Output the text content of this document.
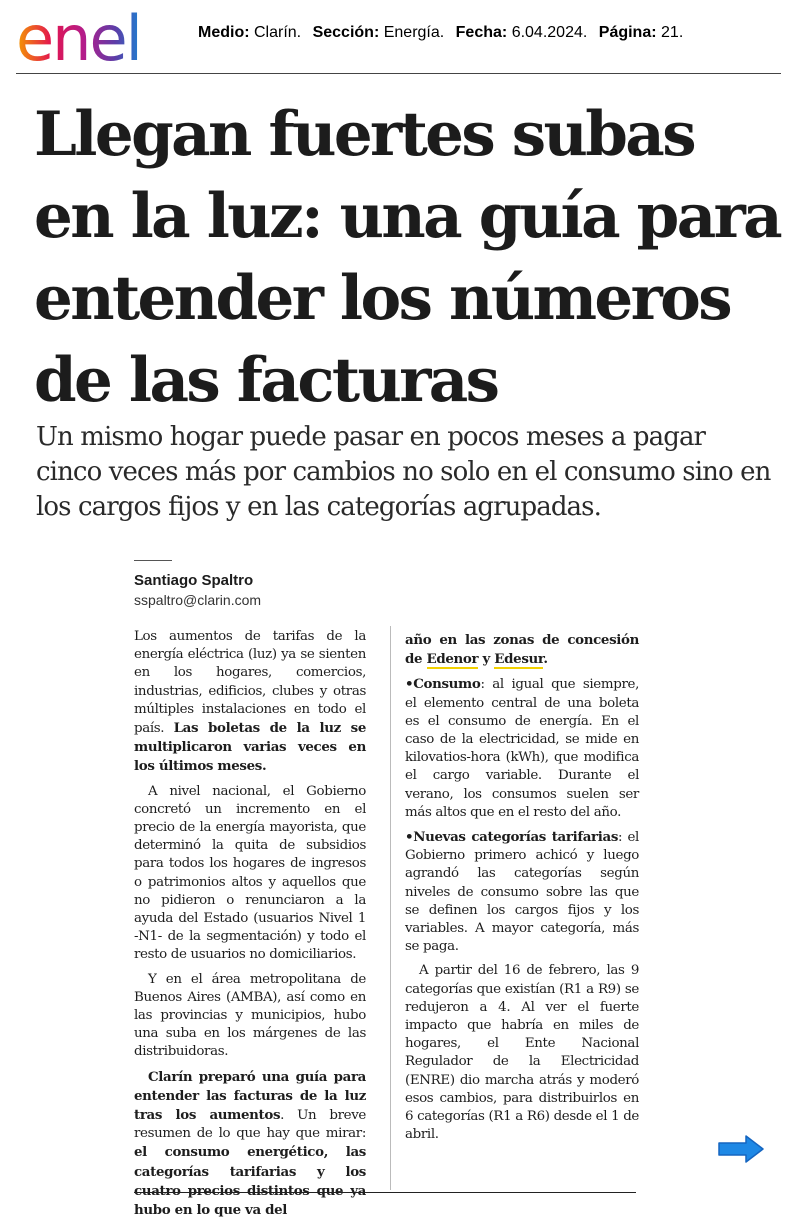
enel	Medio: Clarín. Sección: Energía. Fecha: 6.04.2024. Página: 21.
Llegan fuertes subas en la luz: una guía para entender los números de las facturas

Un mismo hogar puede pasar en pocos meses a pagar cinco veces más por cambios no solo en el consumo sino en los cargos fijos y en las categorías agrupadas.

Santiago Spaltro
sspaltro@clarin.com

Los aumentos de tarifas de la energía eléctrica (luz) ya se sienten en los hogares, comercios, industrias, edificios, clubes y otras múltiples instalaciones en todo el país. Las boletas de la luz se multiplicaron varias veces en los últimos meses.

A nivel nacional, el Gobierno concretó un incremento en el precio de la energía mayorista, que determinó la quita de subsidios para todos los hogares de ingresos o patrimonios altos y aquellos que no pidieron o renunciaron a la ayuda del Estado (usuarios Nivel 1 -N1- de la segmentación) y todo el resto de usuarios no domiciliarios.

Y en el área metropolitana de Buenos Aires (AMBA), así como en las provincias y municipios, hubo una suba en los márgenes de las distribuidoras.

Clarín preparó una guía para entender las facturas de la luz tras los aumentos. Un breve resumen de lo que hay que mirar: el consumo energético, las categorías tarifarias y los cuatro precios distintos que ya hubo en lo que va del

año en las zonas de concesión de Edenor y Edesur.

•Consumo: al igual que siempre, el elemento central de una boleta es el consumo de energía. En el caso de la electricidad, se mide en kilovatios-hora (kWh), que modifica el cargo variable. Durante el verano, los consumos suelen ser más altos que en el resto del año.

•Nuevas categorías tarifarias: el Gobierno primero achicó y luego agrandó las categorías según niveles de consumo sobre las que se definen los cargos fijos y los variables. A mayor categoría, más se paga.

A partir del 16 de febrero, las 9 categorías que existían (R1 a R9) se redujeron a 4. Al ver el fuerte impacto que habría en miles de hogares, el Ente Nacional Regulador de la Electricidad (ENRE) dio marcha atrás y moderó esos cambios, para distribuirlos en 6 categorías (R1 a R6) desde el 1 de abril.
